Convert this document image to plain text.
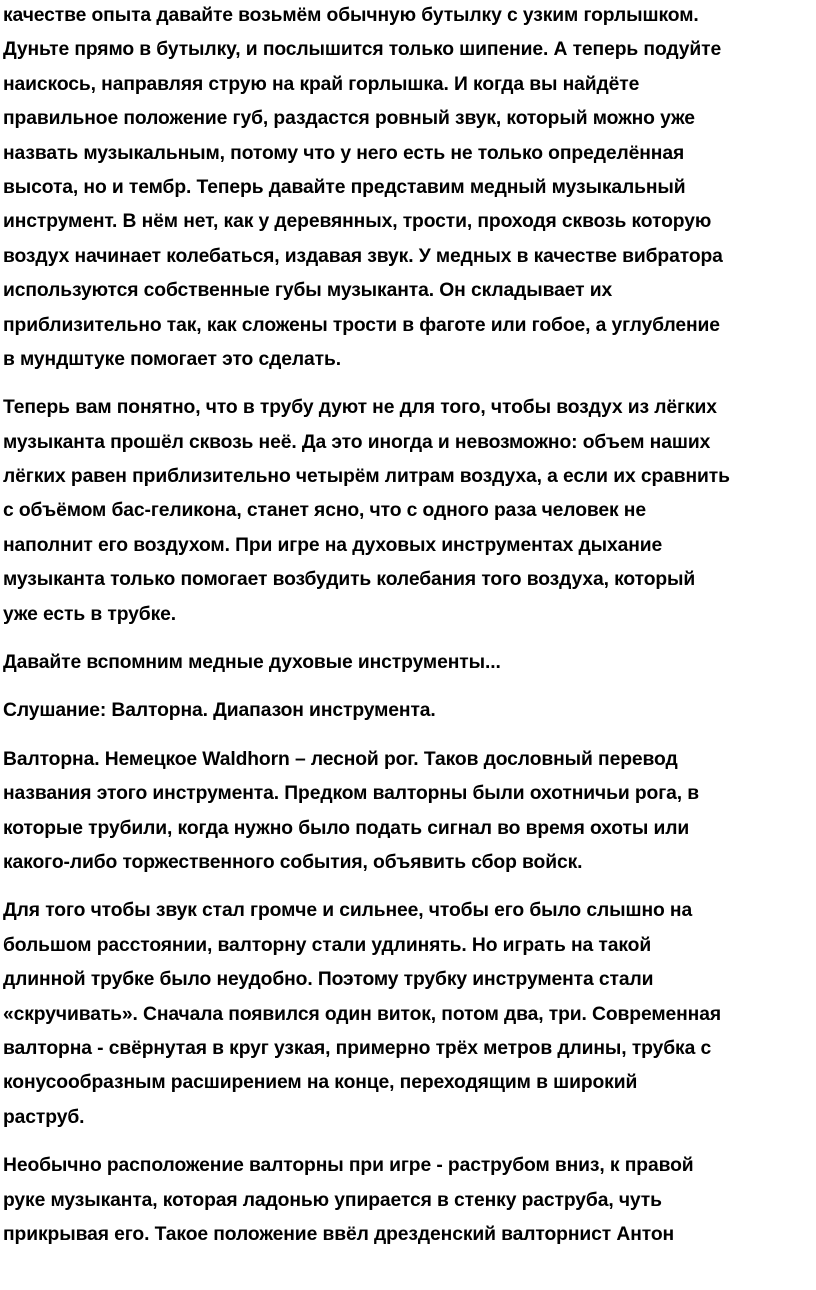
качестве опыта давайте возьмём обычную бутылку с узким горлышком.
Дуньте прямо в бутылку, и послышится только шипение. А теперь подуйте
наискось, направляя струю на край горлышка. И когда вы найдёте
правильное положение губ, раздастся ровный звук, который можно уже
назвать музыкальным, потому что у него есть не только определённая
высота, но и тембр. Теперь давайте представим медный музыкальный
инструмент. В нём нет, как у деревянных, трости, проходя сквозь которую
воздух начинает колебаться, издавая звук. У медных в качестве вибратора
используются собственные губы музыканта. Он складывает их
приблизительно так, как сложены трости в фаготе или гобое, а углубление
в мундштуке помогает это сделать.

Теперь вам понятно, что в трубу дуют не для того, чтобы воздух из лёгких
музыканта прошёл сквозь неё. Да это иногда и невозможно: объем наших
лёгких равен приблизительно четырём литрам воздуха, а если их сравнить
с объёмом бас-геликона, станет ясно, что с одного раза человек не
наполнит его воздухом. При игре на духовых инструментах дыхание
музыканта только помогает возбудить колебания того воздуха, который
уже есть в трубке.

Давайте вспомним медные духовые инструменты...

Слушание: Валторна. Диапазон инструмента.

Валторна. Немецкое Waldhorn – лесной рог. Таков дословный перевод
названия этого инструмента. Предком валторны были охотничьи рога, в
которые трубили, когда нужно было подать сигнал во время охоты или
какого-либо торжественного события, объявить сбор войск.

Для того чтобы звук стал громче и сильнее, чтобы его было слышно на
большом расстоянии, валторну стали удлинять. Но играть на такой
длинной трубке было неудобно. Поэтому трубку инструмента стали
«скручивать». Сначала появился один виток, потом два, три. Современная
валторна - свёрнутая в круг узкая, примерно трёх метров длины, трубка с
конусообразным расширением на конце, переходящим в широкий
раструб.

Необычно расположение валторны при игре - раструбом вниз, к правой
руке музыканта, которая ладонью упирается в стенку раструба, чуть
прикрывая его. Такое положение ввёл дрезденский валторнист Антон
